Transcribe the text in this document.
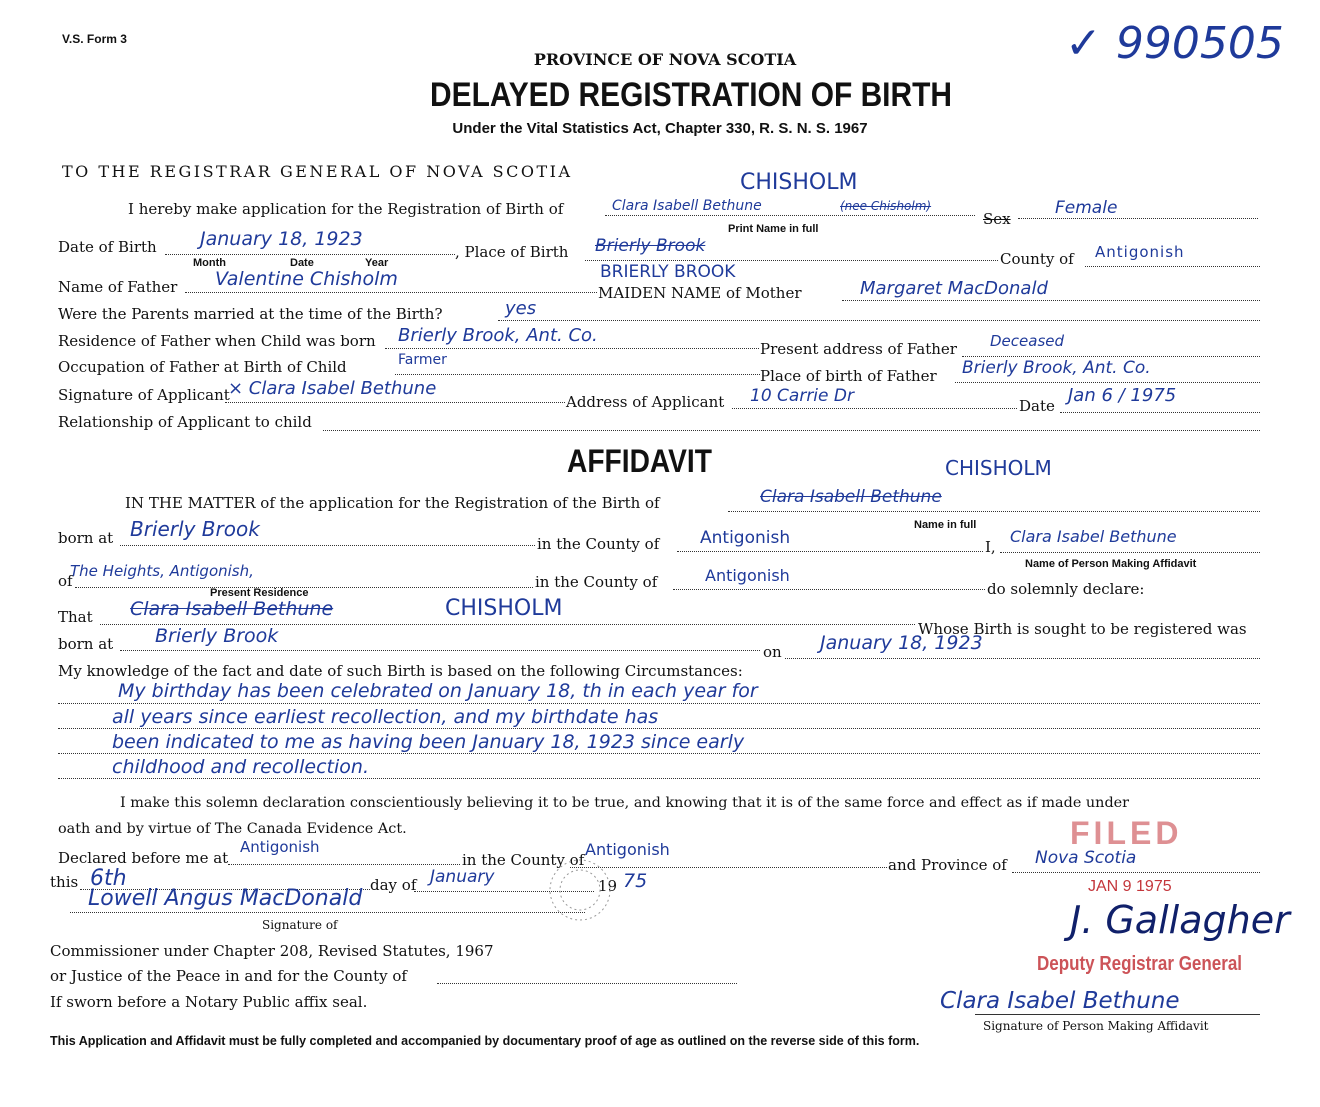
V.S. Form 3	✓ 990505
PROVINCE OF NOVA SCOTIA
DELAYED REGISTRATION OF BIRTH
Under the Vital Statistics Act, Chapter 330, R. S. N. S. 1967
TO THE REGISTRAR GENERAL OF NOVA SCOTIA
I hereby make application for the Registration of Birth of
CHISHOLM
Clara Isabell Bethune	(nee Chisholm)
Print Name in full
Sex
Female
Date of Birth January 18, 1923
Month	Date	Year
, Place of Birth Brierly Brook
BRIERLY BROOK
County of Antigonish
Name of Father Valentine Chisholm
MAIDEN NAME of Mother	Margaret MacDonald
Were the Parents married at the time of the Birth?	yes
Residence of Father when Child was born Brierly Brook, Ant. Co.
Present address of Father Deceased
Occupation of Father at Birth of Child	Farmer
Place of birth of Father Brierly Brook, Ant. Co.
Signature of Applicant
× Clara Isabel Bethune
Address of Applicant 10 Carrie Dr	Date Jan 6 / 1975
Relationship of Applicant to child
AFFIDAVIT	CHISHOLM
IN THE MATTER of the application for the Registration of the Birth of	Clara Isabell Bethune
Name in full
born at Brierly Brook
in the County of Antigonish	I,
Clara Isabel Bethune
Name of Person Making Affidavit
of
The Heights, Antigonish,
Present Residence
in the County of	Antigonish
do solemnly declare:
That Clara Isabell Bethune	CHISHOLM
Whose Birth is sought to be registered was
born at Brierly Brook
on January 18, 1923
My knowledge of the fact and date of such Birth is based on the following Circumstances:
My birthday has been celebrated on January 18, th in each year for
all years since earliest recollection, and my birthdate has
been indicated to me as having been January 18, 1923 since early
childhood and recollection.
I make this solemn declaration conscientiously believing it to be true, and knowing that it is of the same force and effect as if made under
oath and by virtue of The Canada Evidence Act.
Declared before me at
Antigonish
in the County of
Antigonish
and Province of Nova Scotia
this 6th	day of January	19 75
Lowell Angus MacDonald
Signature of
Commissioner under Chapter 208, Revised Statutes, 1967
or Justice of the Peace in and for the County of
If sworn before a Notary Public affix seal.
FILED
JAN 9 1975
J. Gallagher
Deputy Registrar General
Clara Isabel Bethune
Signature of Person Making Affidavit
This Application and Affidavit must be fully completed and accompanied by documentary proof of age as outlined on the reverse side of this form.
